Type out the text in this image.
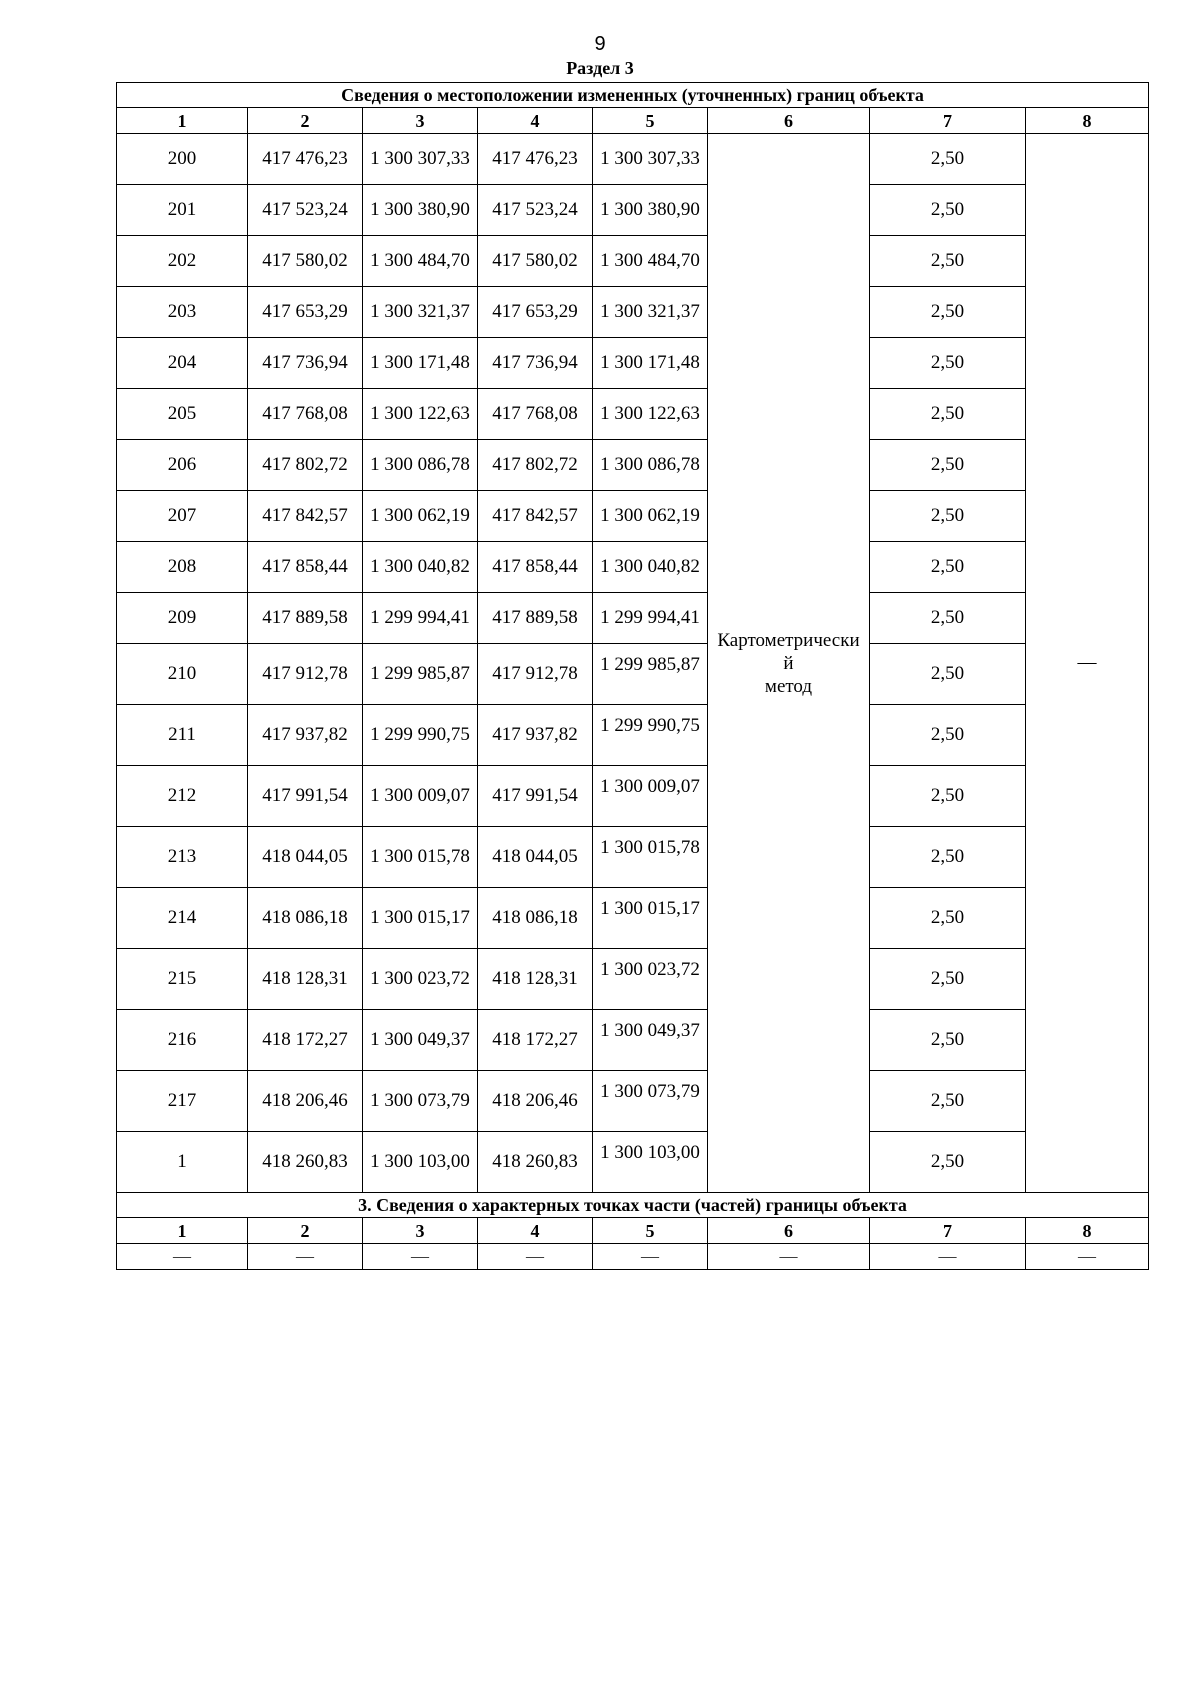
9
Раздел 3
Сведения о местоположении измененных (уточненных) границ объекта							
1	2	3	4	5	6	7	8
200	417 476,23	1 300 307,33	417 476,23	1 300 307,33	Картометрически
й
метод	2,50	—
201	417 523,24	1 300 380,90	417 523,24	1 300 380,90		2,50	
202	417 580,02	1 300 484,70	417 580,02	1 300 484,70		2,50	
203	417 653,29	1 300 321,37	417 653,29	1 300 321,37		2,50	
204	417 736,94	1 300 171,48	417 736,94	1 300 171,48		2,50	
205	417 768,08	1 300 122,63	417 768,08	1 300 122,63		2,50	
206	417 802,72	1 300 086,78	417 802,72	1 300 086,78		2,50	
207	417 842,57	1 300 062,19	417 842,57	1 300 062,19		2,50	
208	417 858,44	1 300 040,82	417 858,44	1 300 040,82		2,50	
209	417 889,58	1 299 994,41	417 889,58	1 299 994,41		2,50	
210	417 912,78	1 299 985,87	417 912,78	1 299 985,87		2,50	
211	417 937,82	1 299 990,75	417 937,82	1 299 990,75		2,50	
212	417 991,54	1 300 009,07	417 991,54	1 300 009,07		2,50	
213	418 044,05	1 300 015,78	418 044,05	1 300 015,78		2,50	
214	418 086,18	1 300 015,17	418 086,18	1 300 015,17		2,50	
215	418 128,31	1 300 023,72	418 128,31	1 300 023,72		2,50	
216	418 172,27	1 300 049,37	418 172,27	1 300 049,37		2,50	
217	418 206,46	1 300 073,79	418 206,46	1 300 073,79		2,50	
1	418 260,83	1 300 103,00	418 260,83	1 300 103,00		2,50	
3. Сведения о характерных точках части (частей) границы объекта							
1	2	3	4	5	6	7	8
—	—	—	—	—	—	—	—
